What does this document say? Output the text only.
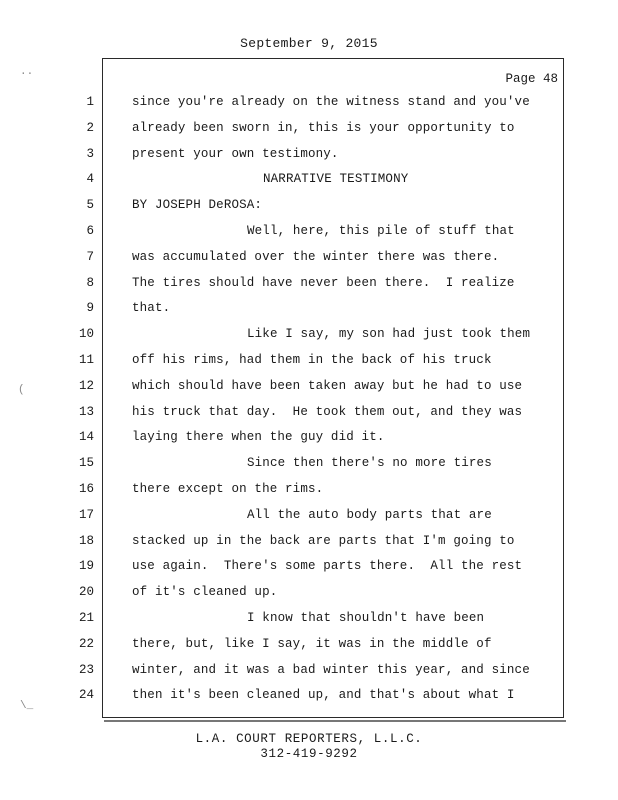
September 9, 2015
Page 48
1	since you're already on the witness stand and you've
2	already been sworn in, this is your opportunity to
3	present your own testimony.
4	NARRATIVE TESTIMONY
5	BY JOSEPH DeROSA:
6	Well, here, this pile of stuff that
7	was accumulated over the winter there was there.
8	The tires should have never been there.  I realize
9	that.
10	Like I say, my son had just took them
11	off his rims, had them in the back of his truck
12	which should have been taken away but he had to use
13	his truck that day.  He took them out, and they was
14	laying there when the guy did it.
15	Since then there's no more tires
16	there except on the rims.
17	All the auto body parts that are
18	stacked up in the back are parts that I'm going to
19	use again.  There's some parts there.  All the rest
20	of it's cleaned up.
21	I know that shouldn't have been
22	there, but, like I say, it was in the middle of
23	winter, and it was a bad winter this year, and since
24	then it's been cleaned up, and that's about what I
L.A. COURT REPORTERS, L.L.C.
312-419-9292
..
(
\_
